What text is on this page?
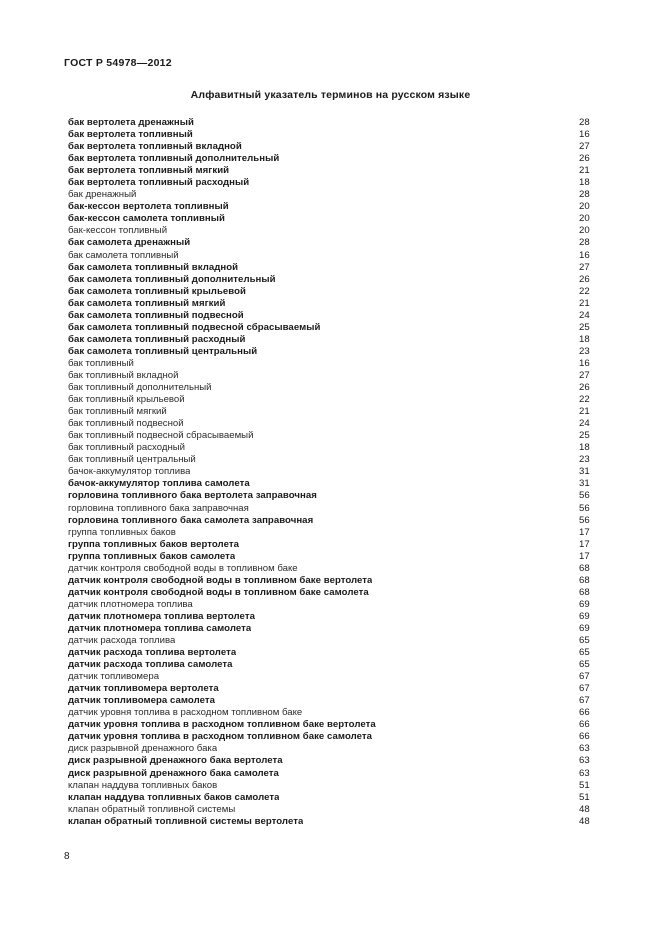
ГОСТ Р 54978—2012
Алфавитный указатель терминов на русском языке
бак вертолета дренажный	28
бак вертолета топливный	16
бак вертолета топливный вкладной	27
бак вертолета топливный дополнительный	26
бак вертолета топливный мягкий	21
бак вертолета топливный расходный	18
бак дренажный	28
бак-кессон вертолета топливный	20
бак-кессон самолета топливный	20
бак-кессон топливный	20
бак самолета дренажный	28
бак самолета топливный	16
бак самолета топливный вкладной	27
бак самолета топливный дополнительный	26
бак самолета топливный крыльевой	22
бак самолета топливный мягкий	21
бак самолета топливный подвесной	24
бак самолета топливный подвесной сбрасываемый	25
бак самолета топливный расходный	18
бак самолета топливный центральный	23
бак топливный	16
бак топливный вкладной	27
бак топливный дополнительный	26
бак топливный крыльевой	22
бак топливный мягкий	21
бак топливный подвесной	24
бак топливный подвесной сбрасываемый	25
бак топливный расходный	18
бак топливный центральный	23
бачок-аккумулятор топлива	31
бачок-аккумулятор топлива самолета	31
горловина топливного бака вертолета заправочная	56
горловина топливного бака заправочная	56
горловина топливного бака самолета заправочная	56
группа топливных баков	17
группа топливных баков вертолета	17
группа топливных баков самолета	17
датчик контроля свободной воды в топливном баке	68
датчик контроля свободной воды в топливном баке вертолета	68
датчик контроля свободной воды в топливном баке самолета	68
датчик плотномера топлива	69
датчик плотномера топлива вертолета	69
датчик плотномера топлива самолета	69
датчик расхода топлива	65
датчик расхода топлива вертолета	65
датчик расхода топлива самолета	65
датчик топливомера	67
датчик топливомера вертолета	67
датчик топливомера самолета	67
датчик уровня топлива в расходном топливном баке	66
датчик уровня топлива в расходном топливном баке вертолета	66
датчик уровня топлива в расходном топливном баке самолета	66
диск разрывной дренажного бака	63
диск разрывной дренажного бака вертолета	63
диск разрывной дренажного бака самолета	63
клапан наддува топливных баков	51
клапан наддува топливных баков самолета	51
клапан обратный топливной системы	48
клапан обратный топливной системы вертолета	48
8
